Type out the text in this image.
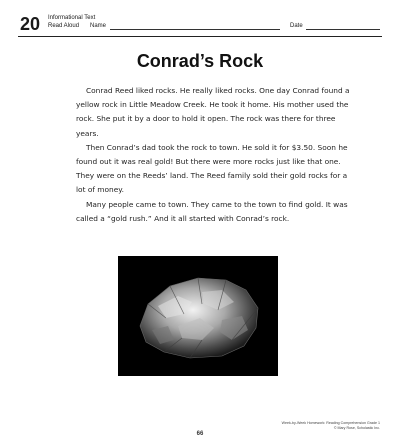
20 Informational Text
Read Aloud	Name	Date
Conrad’s Rock

Conrad Reed liked rocks. He really liked rocks. One day Conrad found a yellow rock in Little Meadow Creek. He took it home. His mother used the rock. She put it by a door to hold it open. The rock was there for three years.

Then Conrad’s dad took the rock to town. He sold it for $3.50. Soon he found out it was real gold! But there were more rocks just like that one. They were on the Reeds’ land. The Reed family sold their gold rocks for a lot of money.

Many people came to town. They came to the town to find gold. It was called a “gold rush.” And it all started with Conrad’s rock.

Week-by-Week Homework: Reading Comprehension Grade 1
© Mary Rose, Scholastic Inc.
66
